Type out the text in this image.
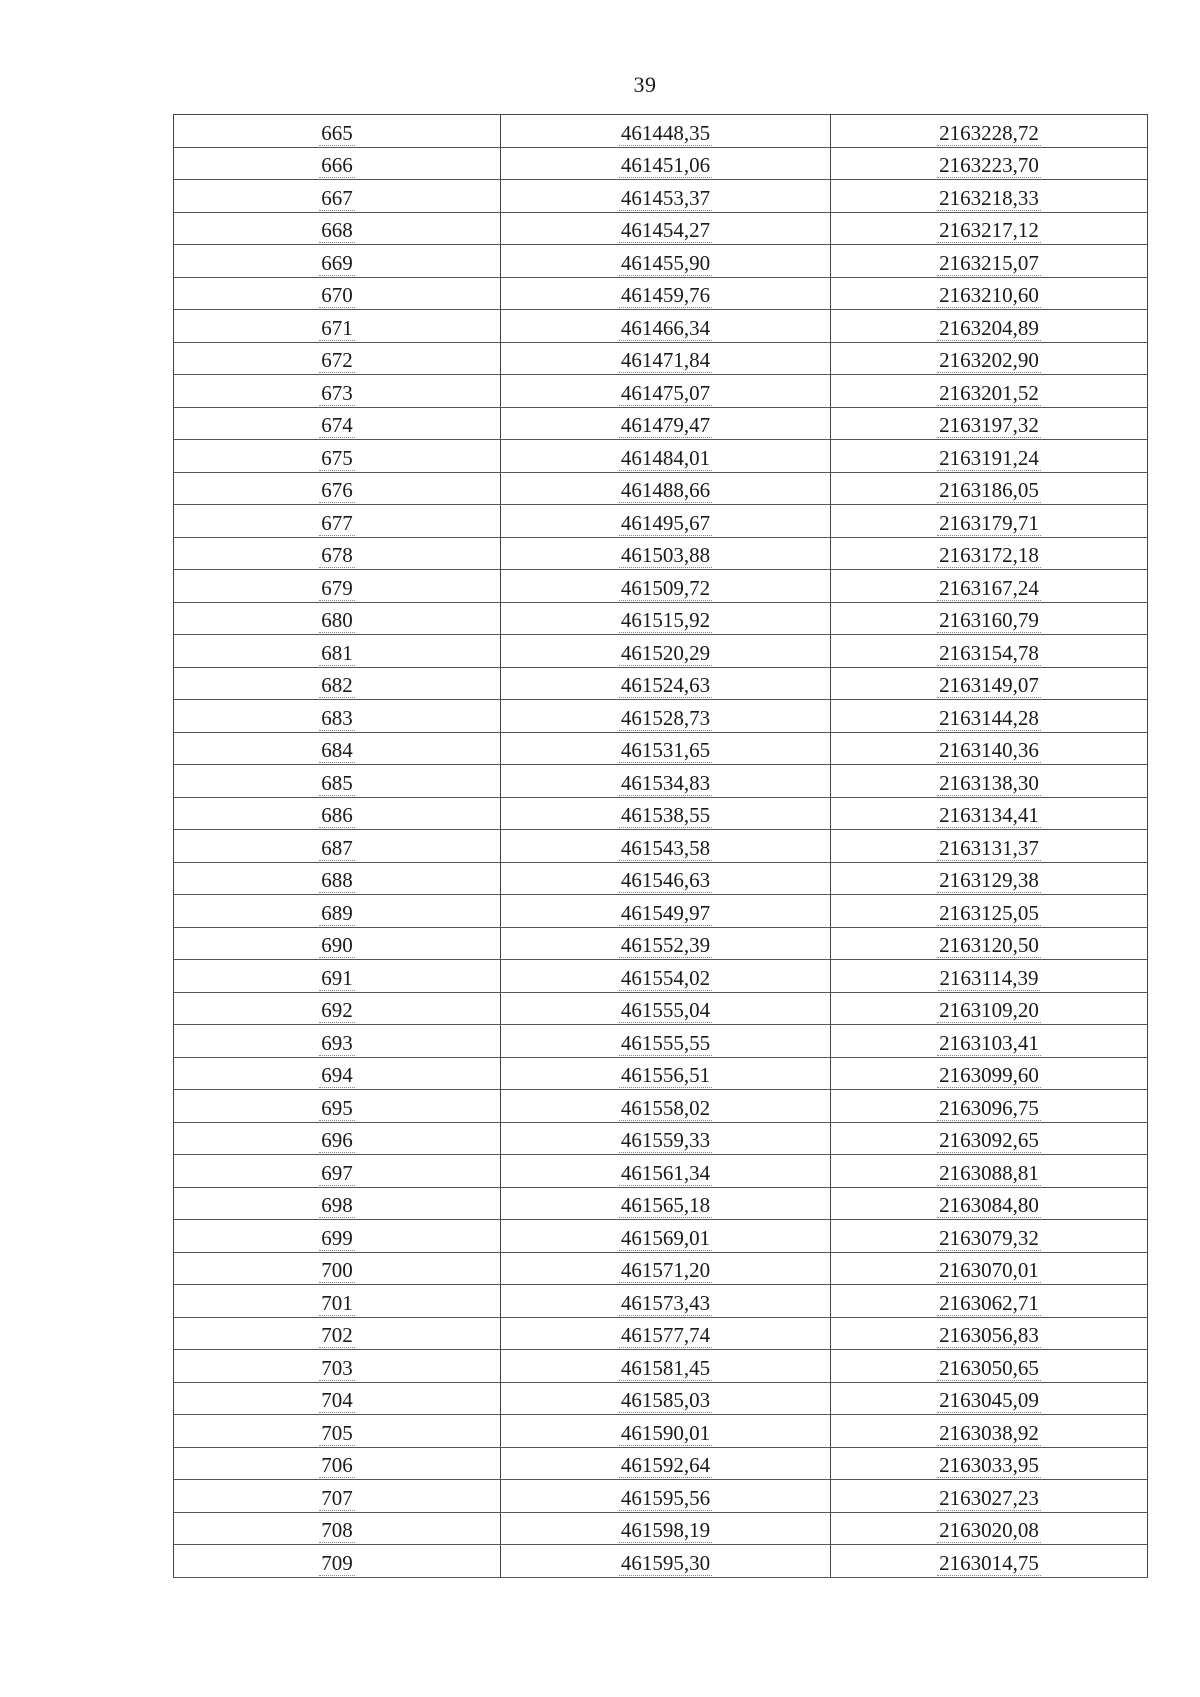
39
665	461448,35	2163228,72
666	461451,06	2163223,70
667	461453,37	2163218,33
668	461454,27	2163217,12
669	461455,90	2163215,07
670	461459,76	2163210,60
671	461466,34	2163204,89
672	461471,84	2163202,90
673	461475,07	2163201,52
674	461479,47	2163197,32
675	461484,01	2163191,24
676	461488,66	2163186,05
677	461495,67	2163179,71
678	461503,88	2163172,18
679	461509,72	2163167,24
680	461515,92	2163160,79
681	461520,29	2163154,78
682	461524,63	2163149,07
683	461528,73	2163144,28
684	461531,65	2163140,36
685	461534,83	2163138,30
686	461538,55	2163134,41
687	461543,58	2163131,37
688	461546,63	2163129,38
689	461549,97	2163125,05
690	461552,39	2163120,50
691	461554,02	2163114,39
692	461555,04	2163109,20
693	461555,55	2163103,41
694	461556,51	2163099,60
695	461558,02	2163096,75
696	461559,33	2163092,65
697	461561,34	2163088,81
698	461565,18	2163084,80
699	461569,01	2163079,32
700	461571,20	2163070,01
701	461573,43	2163062,71
702	461577,74	2163056,83
703	461581,45	2163050,65
704	461585,03	2163045,09
705	461590,01	2163038,92
706	461592,64	2163033,95
707	461595,56	2163027,23
708	461598,19	2163020,08
709	461595,30	2163014,75
